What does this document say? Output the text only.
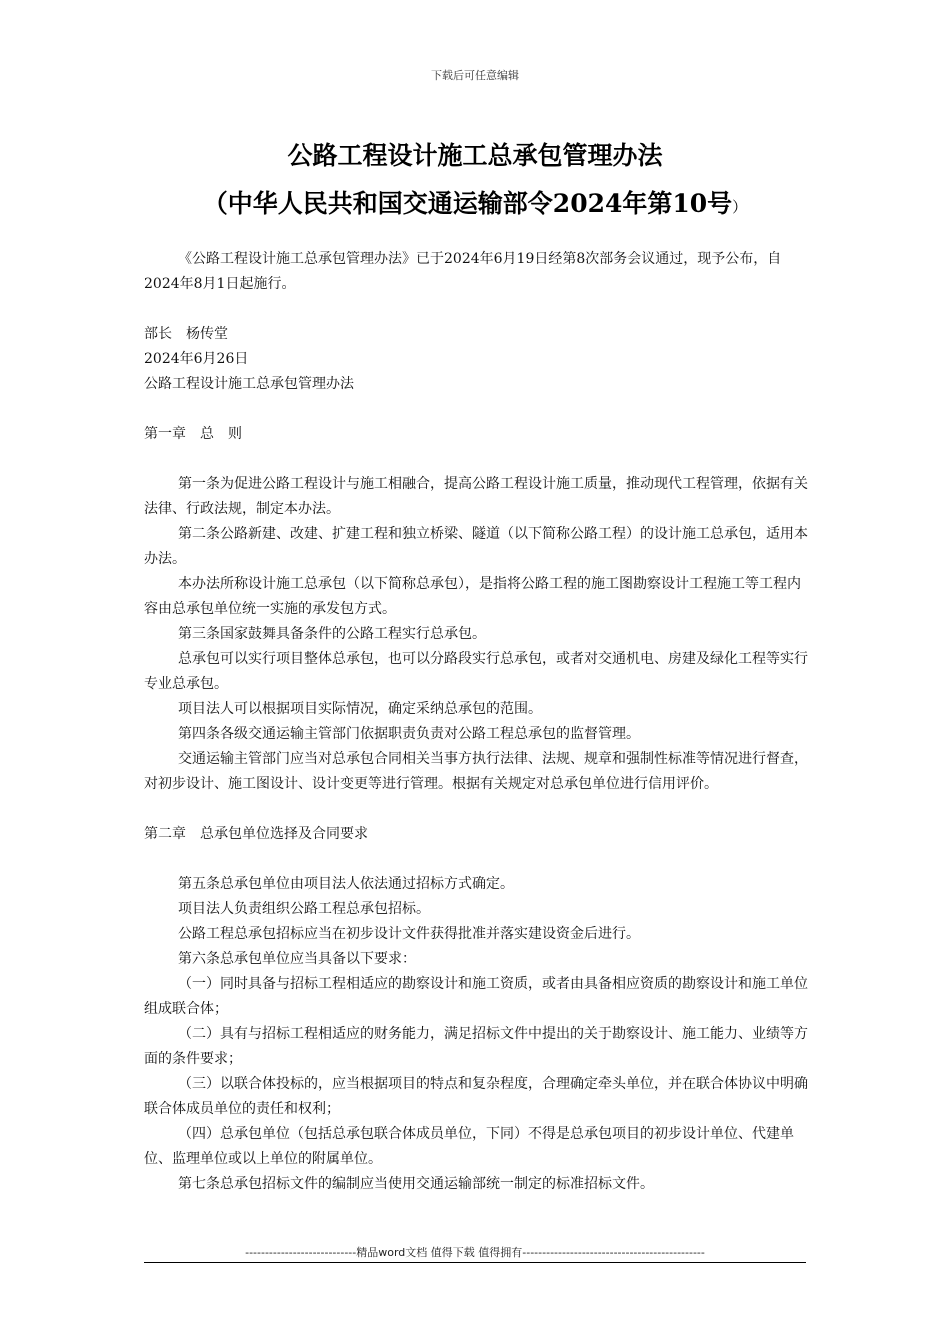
下载后可任意编辑
公路工程设计施工总承包管理办法
（中华人民共和国交通运输部令2024年第10号）

《公路工程设计施工总承包管理办法》已于2024年6月19日经第8次部务会议通过，现予公布，自2024年8月1日起施行。

部长　杨传堂

2024年6月26日

公路工程设计施工总承包管理办法

第一章　总　则

第一条为促进公路工程设计与施工相融合，提高公路工程设计施工质量，推动现代工程管理，依据有关法律、行政法规，制定本办法。

第二条公路新建、改建、扩建工程和独立桥梁、隧道（以下简称公路工程）的设计施工总承包，适用本办法。

本办法所称设计施工总承包（以下简称总承包），是指将公路工程的施工图勘察设计工程施工等工程内容由总承包单位统一实施的承发包方式。

第三条国家鼓舞具备条件的公路工程实行总承包。

总承包可以实行项目整体总承包，也可以分路段实行总承包，或者对交通机电、房建及绿化工程等实行专业总承包。

项目法人可以根据项目实际情况，确定采纳总承包的范围。

第四条各级交通运输主管部门依据职责负责对公路工程总承包的监督管理。

交通运输主管部门应当对总承包合同相关当事方执行法律、法规、规章和强制性标准等情况进行督查，对初步设计、施工图设计、设计变更等进行管理。根据有关规定对总承包单位进行信用评价。

第二章　总承包单位选择及合同要求

第五条总承包单位由项目法人依法通过招标方式确定。

项目法人负责组织公路工程总承包招标。

公路工程总承包招标应当在初步设计文件获得批准并落实建设资金后进行。

第六条总承包单位应当具备以下要求：

（一）同时具备与招标工程相适应的勘察设计和施工资质，或者由具备相应资质的勘察设计和施工单位组成联合体；

（二）具有与招标工程相适应的财务能力，满足招标文件中提出的关于勘察设计、施工能力、业绩等方面的条件要求；

（三）以联合体投标的，应当根据项目的特点和复杂程度，合理确定牵头单位，并在联合体协议中明确联合体成员单位的责任和权利；

（四）总承包单位（包括总承包联合体成员单位，下同）不得是总承包项目的初步设计单位、代建单位、监理单位或以上单位的附属单位。

第七条总承包招标文件的编制应当使用交通运输部统一制定的标准招标文件。

----------------------------精品word文档 值得下载 值得拥有----------------------------------------------
